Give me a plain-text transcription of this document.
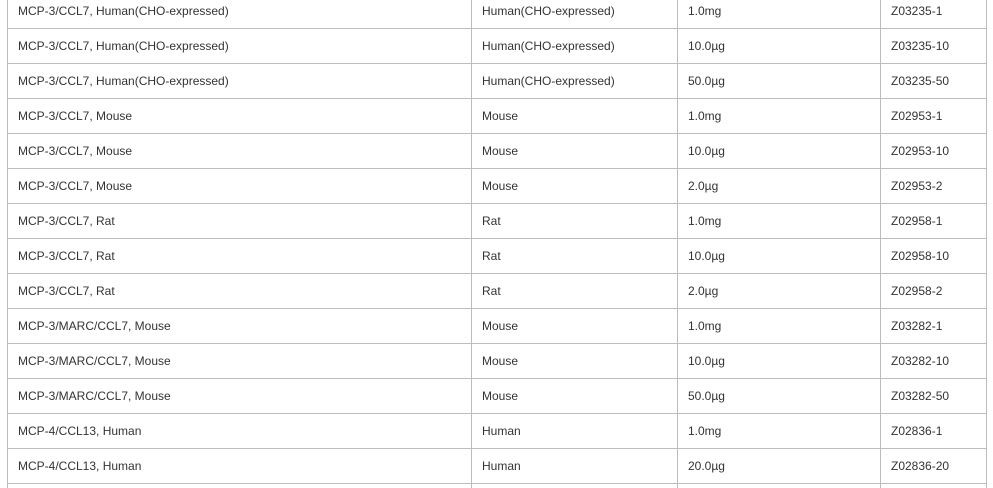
MCP-3/CCL7, Human(CHO-expressed)	Human(CHO-expressed)	1.0mg	Z03235-1
MCP-3/CCL7, Human(CHO-expressed)	Human(CHO-expressed)	10.0µg	Z03235-10
MCP-3/CCL7, Human(CHO-expressed)	Human(CHO-expressed)	50.0µg	Z03235-50
MCP-3/CCL7, Mouse	Mouse	1.0mg	Z02953-1
MCP-3/CCL7, Mouse	Mouse	10.0µg	Z02953-10
MCP-3/CCL7, Mouse	Mouse	2.0µg	Z02953-2
MCP-3/CCL7, Rat	Rat	1.0mg	Z02958-1
MCP-3/CCL7, Rat	Rat	10.0µg	Z02958-10
MCP-3/CCL7, Rat	Rat	2.0µg	Z02958-2
MCP-3/MARC/CCL7, Mouse	Mouse	1.0mg	Z03282-1
MCP-3/MARC/CCL7, Mouse	Mouse	10.0µg	Z03282-10
MCP-3/MARC/CCL7, Mouse	Mouse	50.0µg	Z03282-50
MCP-4/CCL13, Human	Human	1.0mg	Z02836-1
MCP-4/CCL13, Human	Human	20.0µg	Z02836-20
